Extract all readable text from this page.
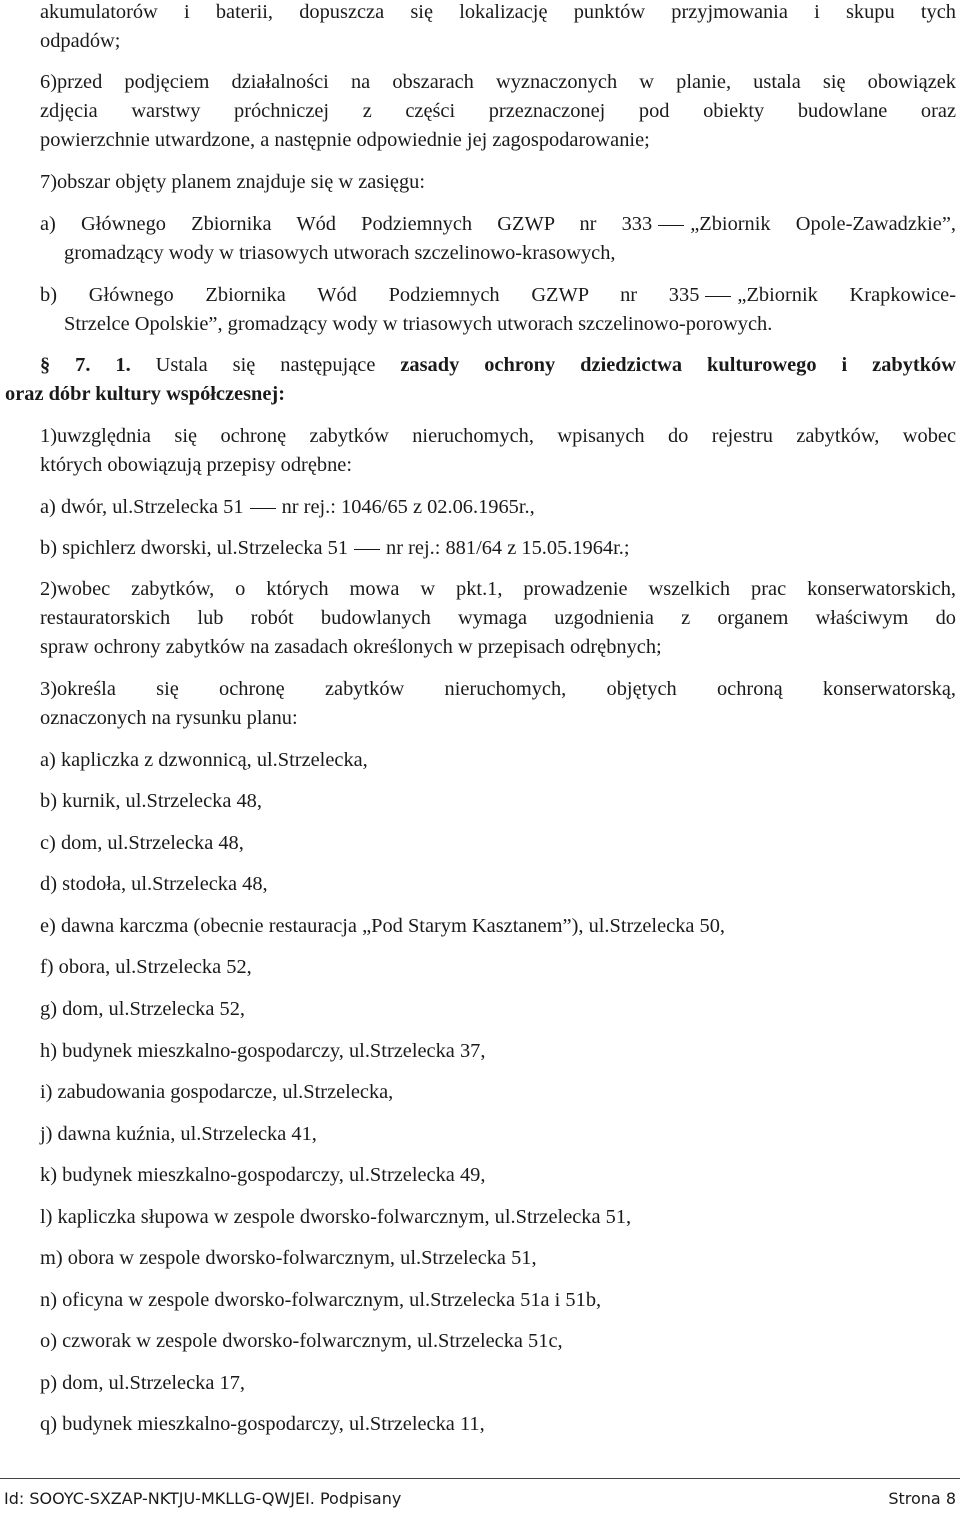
akumulatorów i baterii, dopuszcza się lokalizację punktów przyjmowania i skupu tych

odpadów;

6)przed podjęciem działalności na obszarach wyznaczonych w planie, ustala się obowiązek

zdjęcia warstwy próchniczej z części przeznaczonej pod obiekty budowlane oraz

powierzchnie utwardzone, a następnie odpowiednie jej zagospodarowanie;

7)obszar objęty planem znajduje się w zasięgu:

a) Głównego Zbiornika Wód Podziemnych GZWP nr 333 „Zbiornik Opole-Zawadzkie”,

gromadzący wody w triasowych utworach szczelinowo-krasowych,

b) Głównego Zbiornika Wód Podziemnych GZWP nr 335 „Zbiornik Krapkowice-

Strzelce Opolskie”, gromadzący wody w triasowych utworach szczelinowo-porowych.

§ 7. 1. Ustala się następujące zasady ochrony dziedzictwa kulturowego i zabytków

oraz dóbr kultury współczesnej:

1)uwzględnia się ochronę zabytków nieruchomych, wpisanych do rejestru zabytków, wobec

których obowiązują przepisy odrębne:

a) dwór, ul.Strzelecka 51 nr rej.: 1046/65 z 02.06.1965r.,

b) spichlerz dworski, ul.Strzelecka 51 nr rej.: 881/64 z 15.05.1964r.;

2)wobec zabytków, o których mowa w pkt.1, prowadzenie wszelkich prac konserwatorskich,

restauratorskich lub robót budowlanych wymaga uzgodnienia z organem właściwym do

spraw ochrony zabytków na zasadach określonych w przepisach odrębnych;

3)określa się ochronę zabytków nieruchomych, objętych ochroną konserwatorską,

oznaczonych na rysunku planu:

a) kapliczka z dzwonnicą, ul.Strzelecka,

b) kurnik, ul.Strzelecka 48,

c) dom, ul.Strzelecka 48,

d) stodoła, ul.Strzelecka 48,

e) dawna karczma (obecnie restauracja „Pod Starym Kasztanem”), ul.Strzelecka 50,

f) obora, ul.Strzelecka 52,

g) dom, ul.Strzelecka 52,

h) budynek mieszkalno-gospodarczy, ul.Strzelecka 37,

i) zabudowania gospodarcze, ul.Strzelecka,

j) dawna kuźnia, ul.Strzelecka 41,

k) budynek mieszkalno-gospodarczy, ul.Strzelecka 49,

l) kapliczka słupowa w zespole dworsko-folwarcznym, ul.Strzelecka 51,

m) obora w zespole dworsko-folwarcznym, ul.Strzelecka 51,

n) oficyna w zespole dworsko-folwarcznym, ul.Strzelecka 51a i 51b,

o) czworak w zespole dworsko-folwarcznym, ul.Strzelecka 51c,

p) dom, ul.Strzelecka 17,

q) budynek mieszkalno-gospodarczy, ul.Strzelecka 11,

Id: SOOYC-SXZAP-NKTJU-MKLLG-QWJEI. Podpisany	Strona 8
